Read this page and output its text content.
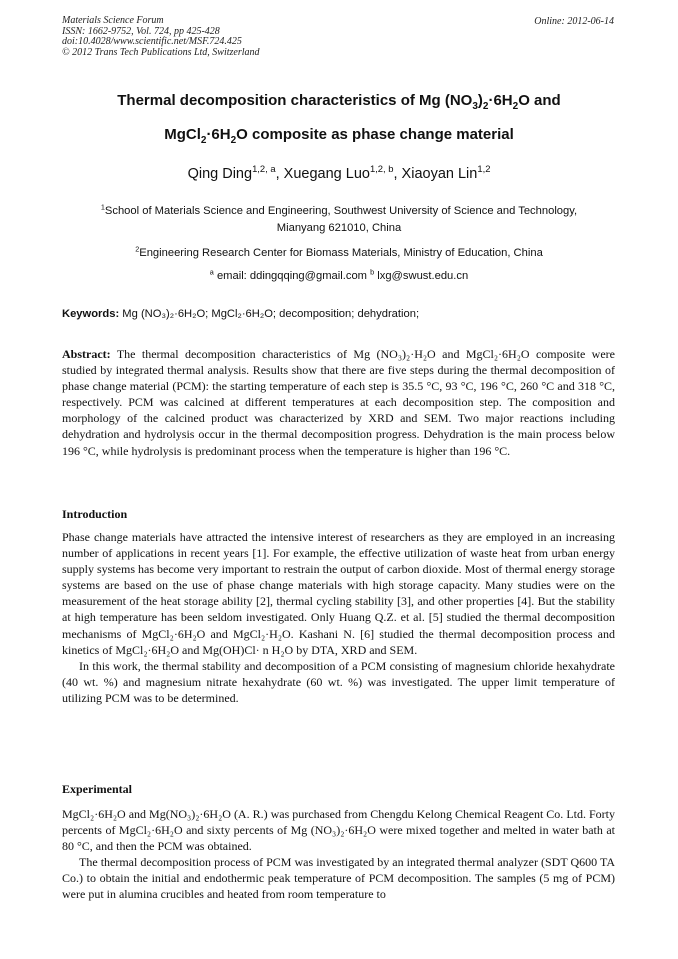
Materials Science Forum
ISSN: 1662-9752, Vol. 724, pp 425-428
doi:10.4028/www.scientific.net/MSF.724.425
© 2012 Trans Tech Publications Ltd, Switzerland
Online: 2012-06-14
Thermal decomposition characteristics of Mg $(NO_3)_2\cdot 6H_2O$ and
$MgCl_2\cdot 6H_2O$ composite as phase change material
Qing Ding$^{1,2, a}$, Xuegang Luo$^{1,2, b}$, Xiaoyan Lin$^{1,2}$
$^1$School of Materials Science and Engineering, Southwest University of Science and Technology,
Mianyang 621010, China
$^2$Engineering Research Center for Biomass Materials, Ministry of Education, China
$^a$ email: ddingqqing@gmail.com $^b$ lxg@swust.edu.cn
Keywords: Mg (NO₃)₂·6H₂O; MgCl₂·6H₂O; decomposition; dehydration;
Abstract: The thermal decomposition characteristics of Mg (NO₃)₂·H₂O and MgCl₂·6H₂O composite were studied by integrated thermal analysis. Results show that there are five steps during the thermal decomposition of phase change material (PCM): the starting temperature of each step is 35.5 °C, 93 °C, 196 °C, 260 °C and 318 °C, respectively. PCM was calcined at different temperatures at each decomposition step. The composition and morphology of the calcined product was characterized by XRD and SEM. Two major reactions including dehydration and hydrolysis occur in the thermal decomposition progress. Dehydration is the main process below 196 °C, while hydrolysis is predominant process when the temperature is higher than 196 °C.
Introduction
Phase change materials have attracted the intensive interest of researchers as they are employed in an increasing number of applications in recent years [1]. For example, the effective utilization of waste heat from urban energy supply systems has become very important to restrain the output of carbon dioxide. Most of thermal energy storage systems are based on the use of phase change materials with high storage capacity. Many studies were on the measurement of the heat storage ability [2], thermal cycling stability [3], and other properties [4]. But the stability at high temperature has been seldom investigated. Only Huang Q.Z. et al. [5] studied the thermal decomposition mechanisms of MgCl₂·6H₂O and MgCl₂·H₂O. Kashani N. [6] studied the thermal decomposition process and kinetics of MgCl₂·6H₂O and Mg(OH)Cl· n H₂O by DTA, XRD and SEM.
In this work, the thermal stability and decomposition of a PCM consisting of magnesium chloride hexahydrate (40 wt. %) and magnesium nitrate hexahydrate (60 wt. %) was investigated. The upper limit temperature of utilizing PCM was to be determined.
Experimental
MgCl₂·6H₂O and Mg(NO₃)₂·6H₂O (A. R.) was purchased from Chengdu Kelong Chemical Reagent Co. Ltd. Forty percents of MgCl₂·6H₂O and sixty percents of Mg (NO₃)₂·6H₂O were mixed together and melted in water bath at 80 °C, and then the PCM was obtained.
The thermal decomposition process of PCM was investigated by an integrated thermal analyzer (SDT Q600 TA Co.) to obtain the initial and endothermic peak temperature of PCM decomposition. The samples (5 mg of PCM) were put in alumina crucibles and heated from room temperature to
